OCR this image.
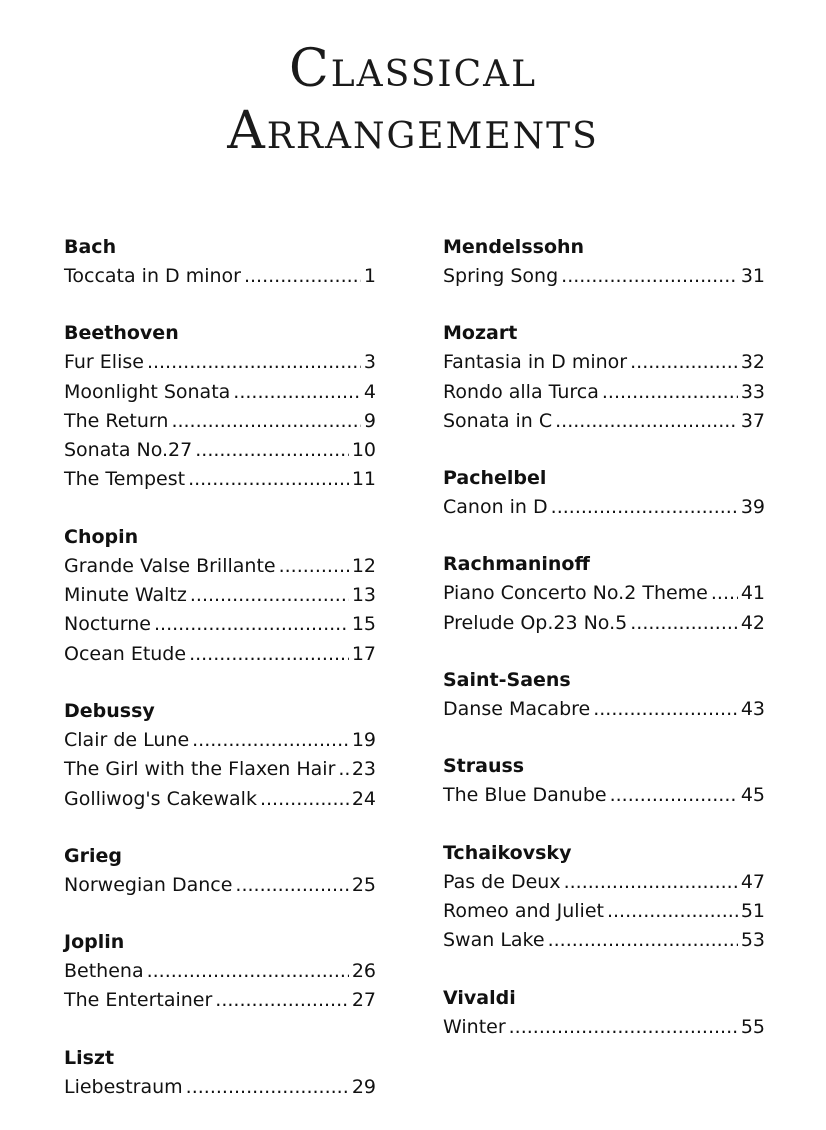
Classical
Arrangements
Bach
Toccata in D minor .....	1
Beethoven
Fur Elise .....	3
Moonlight Sonata .....	4
The Return .....	9
Sonata No.27 .....	10
The Tempest .....	11
Chopin
Grande Valse Brillante .....	12
Minute Waltz .....	13
Nocturne .....	15
Ocean Etude .....	17
Debussy
Clair de Lune .....	19
The Girl with the Flaxen Hair ..... 23
Golliwog's Cakewalk .....	24
Grieg
Norwegian Dance .....	25
Joplin
Bethena .....	26
The Entertainer .....	27
Liszt
Liebestraum .....	29
Mendelssohn
Spring Song .....	31
Mozart
Fantasia in D minor .....	32
Rondo alla Turca .....	33
Sonata in C .....	37
Pachelbel
Canon in D .....	39
Rachmaninoff
Piano Concerto No.2 Theme ..... 41
Prelude Op.23 No.5 .....	42
Saint-Saens
Danse Macabre .....	43
Strauss
The Blue Danube .....	45
Tchaikovsky
Pas de Deux .....	47
Romeo and Juliet .....	51
Swan Lake .....	53
Vivaldi
Winter .....	55
